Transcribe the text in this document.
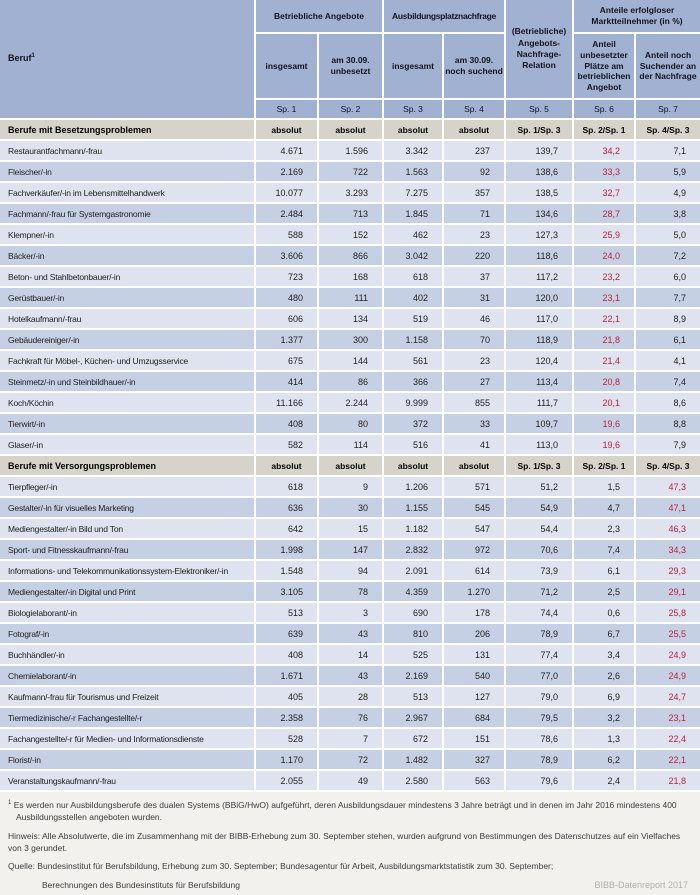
Beruf$^1$	Betriebliche Angebote		Ausbildungsplatznachfrage		(Betriebliche) Angebots-Nachfrage-Relation	Anteile erfolgloser Marktteilnehmer (in %)	
	insgesamt	am 30.09. unbesetzt	insgesamt	am 30.09. noch suchend		Anteil unbesetzter Plätze am betrieblichen Angebot	Anteil noch Suchender an der Nachfrage
	Sp. 1	Sp. 2	Sp. 3	Sp. 4	Sp. 5	Sp. 6	Sp. 7
Berufe mit Besetzungsproblemen	absolut	absolut	absolut	absolut	Sp. 1/Sp. 3	Sp. 2/Sp. 1	Sp. 4/Sp. 3
Restaurantfachmann/-frau	4.671	1.596	3.342	237	139,7	34,2	7,1
Fleischer/-in	2.169	722	1.563	92	138,6	33,3	5,9
Fachverkäufer/-in im Lebensmittelhandwerk	10.077	3.293	7.275	357	138,5	32,7	4,9
Fachmann/-frau für Systemgastronomie	2.484	713	1.845	71	134,6	28,7	3,8
Klempner/-in	588	152	462	23	127,3	25,9	5,0
Bäcker/-in	3.606	866	3.042	220	118,6	24,0	7,2
Beton- und Stahlbetonbauer/-in	723	168	618	37	117,2	23,2	6,0
Gerüstbauer/-in	480	111	402	31	120,0	23,1	7,7
Hotelkaufmann/-frau	606	134	519	46	117,0	22,1	8,9
Gebäudereiniger/-in	1.377	300	1.158	70	118,9	21,8	6,1
Fachkraft für Möbel-, Küchen- und Umzugsservice	675	144	561	23	120,4	21,4	4,1
Steinmetz/-in und Steinbildhauer/-in	414	86	366	27	113,4	20,8	7,4
Koch/Köchin	11.166	2.244	9.999	855	111,7	20,1	8,6
Tierwirt/-in	408	80	372	33	109,7	19,6	8,8
Glaser/-in	582	114	516	41	113,0	19,6	7,9
Berufe mit Versorgungsproblemen	absolut	absolut	absolut	absolut	Sp. 1/Sp. 3	Sp. 2/Sp. 1	Sp. 4/Sp. 3
Tierpfleger/-in	618	9	1.206	571	51,2	1,5	47,3
Gestalter/-in für visuelles Marketing	636	30	1.155	545	54,9	4,7	47,1
Mediengestalter/-in Bild und Ton	642	15	1.182	547	54,4	2,3	46,3
Sport- und Fitnesskaufmann/-frau	1.998	147	2.832	972	70,6	7,4	34,3
Informations- und Telekommunikationssystem-Elektroniker/-in	1.548	94	2.091	614	73,9	6,1	29,3
Mediengestalter/-in Digital und Print	3.105	78	4.359	1.270	71,2	2,5	29,1
Biologielaborant/-in	513	3	690	178	74,4	0,6	25,8
Fotograf/-in	639	43	810	206	78,9	6,7	25,5
Buchhändler/-in	408	14	525	131	77,4	3,4	24,9
Chemielaborant/-in	1.671	43	2.169	540	77,0	2,6	24,9
Kaufmann/-frau für Tourismus und Freizeit	405	28	513	127	79,0	6,9	24,7
Tiermedizinische/-r Fachangestellte/-r	2.358	76	2.967	684	79,5	3,2	23,1
Fachangestellte/-r für Medien- und Informationsdienste	528	7	672	151	78,6	1,3	22,4
Florist/-in	1.170	72	1.482	327	78,9	6,2	22,1
Veranstaltungskaufmann/-frau	2.055	49	2.580	563	79,6	2,4	21,8

$^1$ Es werden nur Ausbildungsberufe des dualen Systems (BBiG/HwO) aufgeführt, deren Ausbildungsdauer mindestens 3 Jahre beträgt und in denen im Jahr 2016 mindestens 400 Ausbildungsstellen angeboten wurden.

Hinweis: Alle Absolutwerte, die im Zusammenhang mit der BIBB-Erhebung zum 30. September stehen, wurden aufgrund von Bestimmungen des Datenschutzes auf ein Vielfaches von 3 gerundet.

Quelle: Bundesinstitut für Berufsbildung, Erhebung zum 30. September; Bundesagentur für Arbeit, Ausbildungsmarktstatistik zum 30. September;

Berechnungen des Bundesinstituts für Berufsbildung	BIBB-Datenreport 2017
